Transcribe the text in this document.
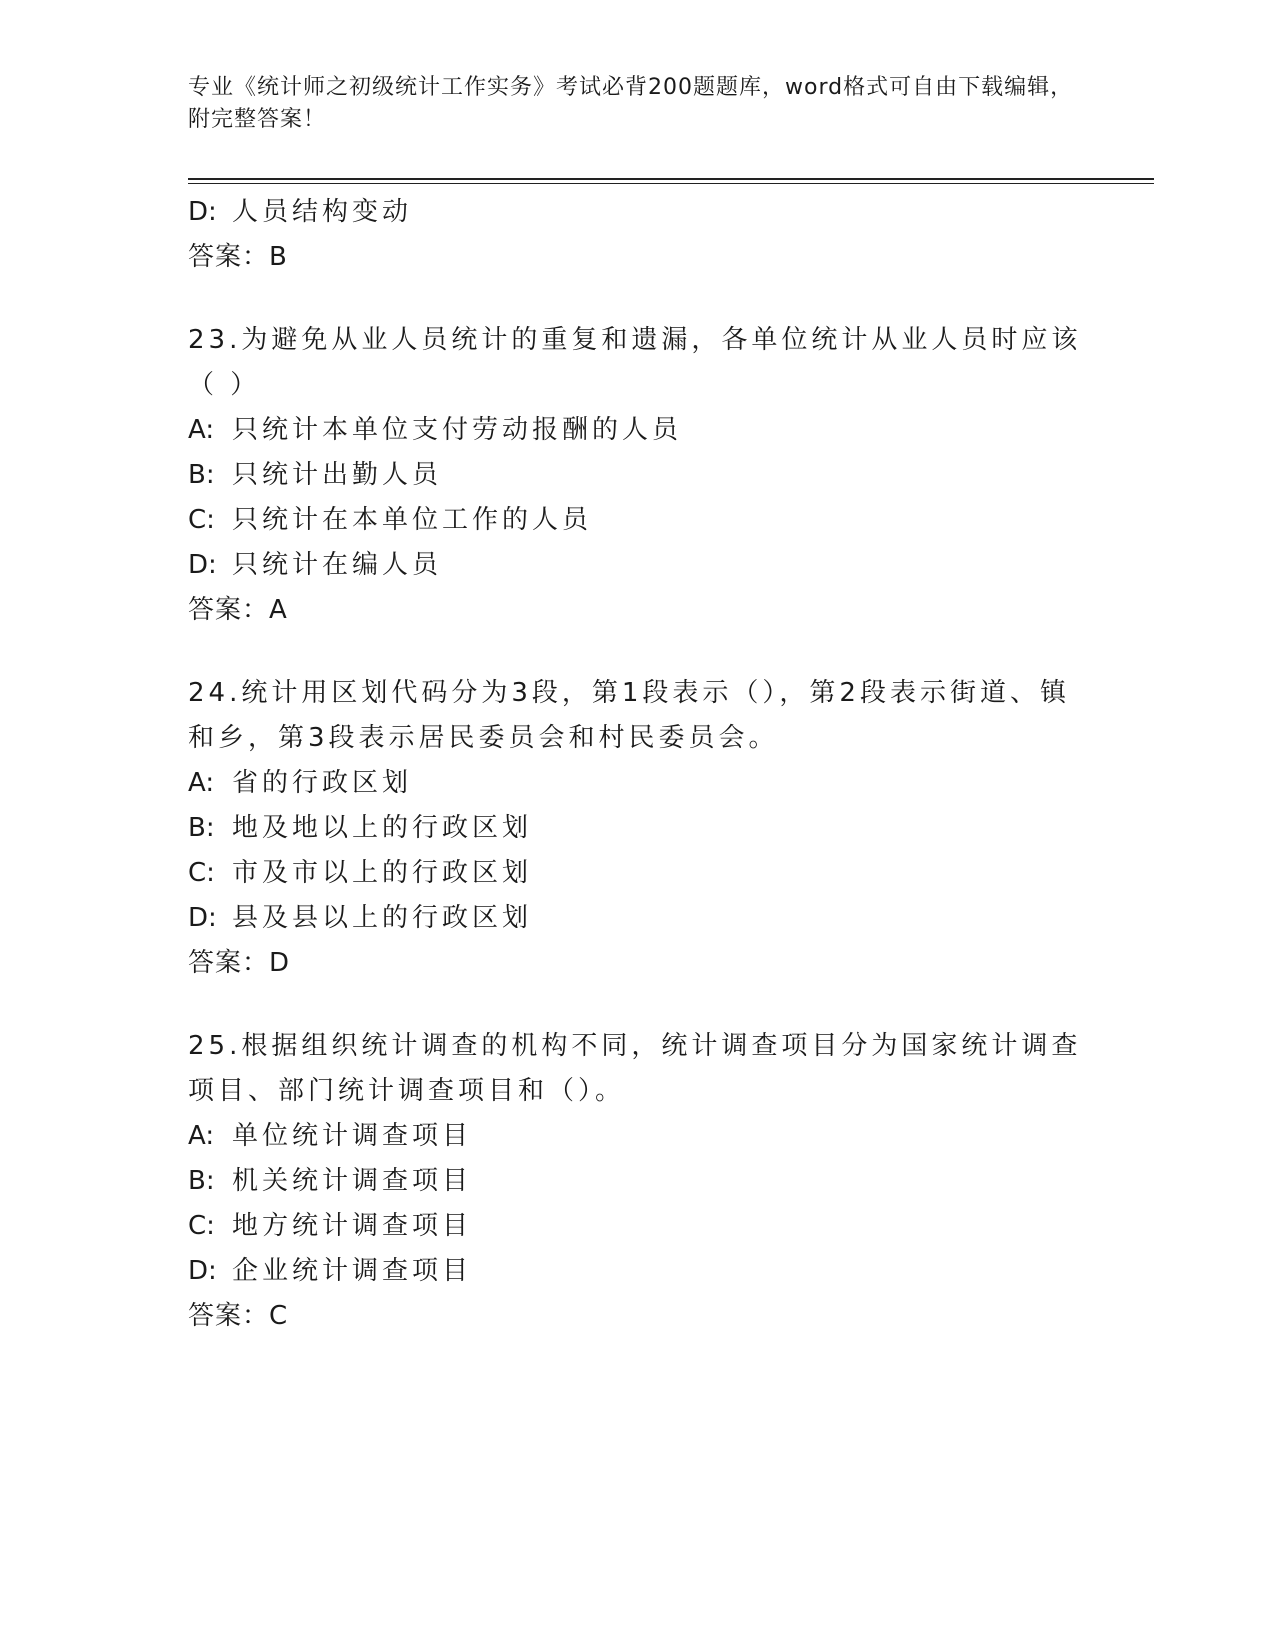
专业《统计师之初级统计工作实务》考试必背200题题库，word格式可自由下载编辑，附完整答案！
D: 人员结构变动
答案：B
23.为避免从业人员统计的重复和遗漏，各单位统计从业人员时应该（ ）
A: 只统计本单位支付劳动报酬的人员
B: 只统计出勤人员
C: 只统计在本单位工作的人员
D: 只统计在编人员
答案：A
24.统计用区划代码分为3段，第1段表示（），第2段表示街道、镇和乡，第3段表示居民委员会和村民委员会。
A: 省的行政区划
B: 地及地以上的行政区划
C: 市及市以上的行政区划
D: 县及县以上的行政区划
答案：D
25.根据组织统计调查的机构不同，统计调查项目分为国家统计调查项目、部门统计调查项目和（）。
A: 单位统计调查项目
B: 机关统计调查项目
C: 地方统计调查项目
D: 企业统计调查项目
答案：C
